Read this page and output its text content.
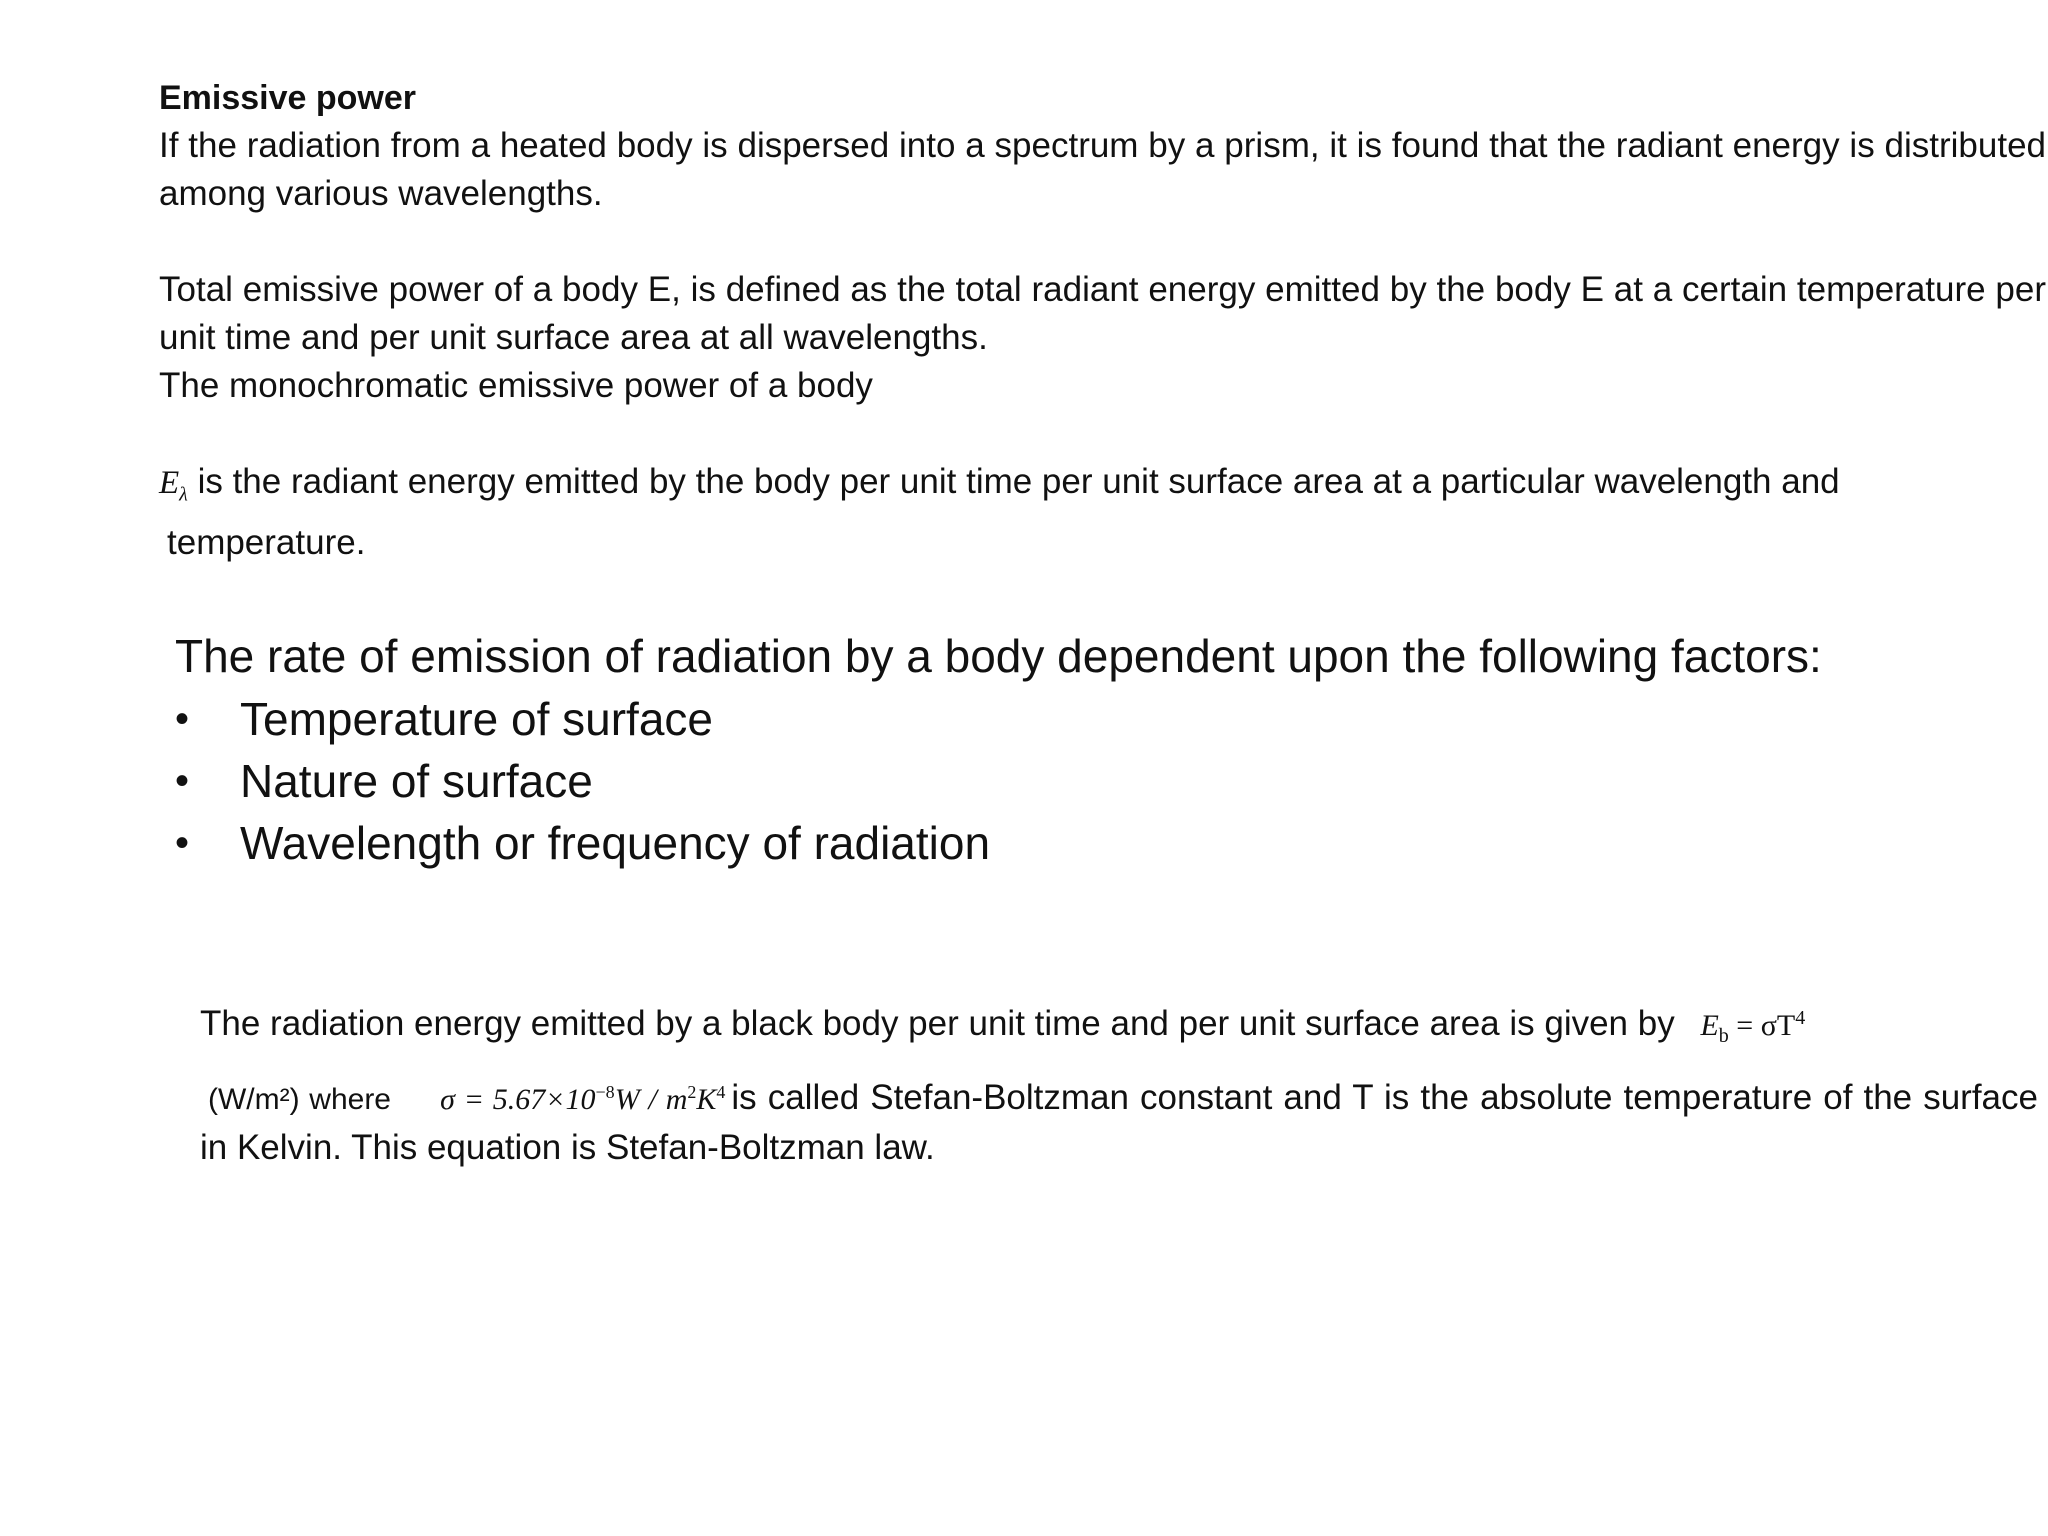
Emissive power
If the radiation from a heated body is dispersed into a spectrum by a prism, it is found that the radiant energy is distributed among various wavelengths.
Total emissive power of a body E, is defined as the total radiant energy emitted by the body E at a certain temperature per unit time and per unit surface area at all wavelengths.
The monochromatic emissive power of a body
$E_\lambda$ is the radiant energy emitted by the body per unit time per unit surface area at a particular wavelength and
temperature.
The rate of emission of radiation by a body dependent upon the following factors:
•	Temperature of surface
•	Nature of surface
•	Wavelength or frequency of radiation
The radiation energy emitted by a black body per unit time and per unit surface area is given by $E_b = \sigma T^4$
(W/m²) where $\sigma = 5.67\times 10^{-8}W / m^2K^4$ is called Stefan-Boltzman constant and T is the absolute temperature of the surface in Kelvin. This equation is Stefan-Boltzman law.
